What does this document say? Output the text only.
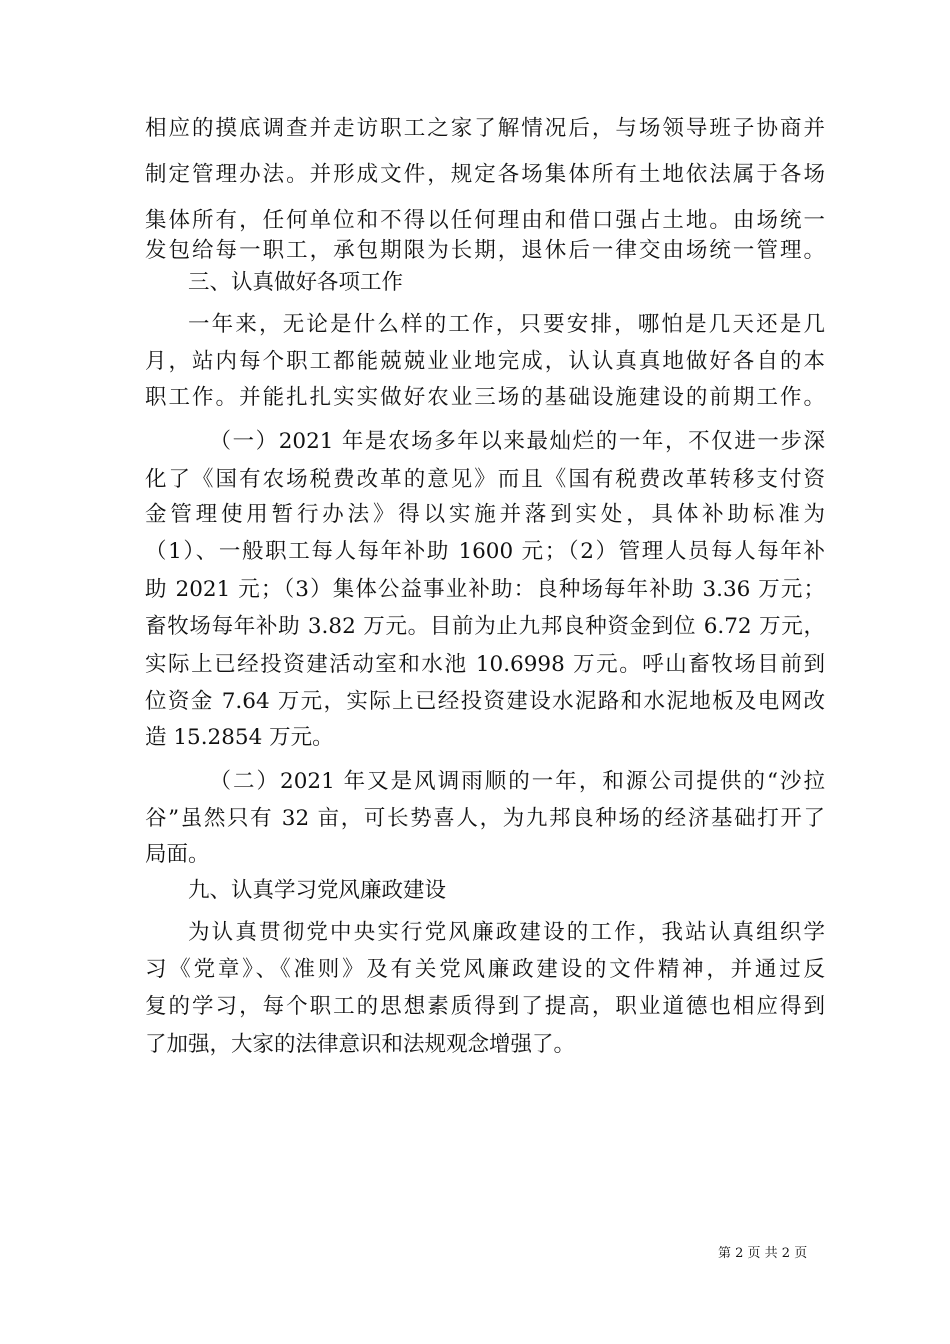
相应的摸底调查并走访职工之家了解情况后，与场领导班子协商并
制定管理办法。并形成文件，规定各场集体所有土地依法属于各场
集体所有，任何单位和不得以任何理由和借口强占土地。由场统一
发包给每一职工，承包期限为长期，退休后一律交由场统一管理。
三、认真做好各项工作
一年来，无论是什么样的工作，只要安排，哪怕是几天还是几
月，站内每个职工都能兢兢业业地完成，认认真真地做好各自的本
职工作。并能扎扎实实做好农业三场的基础设施建设的前期工作。
（一）2021 年是农场多年以来最灿烂的一年，不仅进一步深
化了《国有农场税费改革的意见》而且《国有税费改革转移支付资
金管理使用暂行办法》得以实施并落到实处，具体补助标准为
（1）、一般职工每人每年补助 1600 元；（2）管理人员每人每年补
助 2021 元；（3）集体公益事业补助：良种场每年补助 3.36 万元；
畜牧场每年补助 3.82 万元。目前为止九邦良种资金到位 6.72 万元，
实际上已经投资建活动室和水池 10.6998 万元。呼山畜牧场目前到
位资金 7.64 万元，实际上已经投资建设水泥路和水泥地板及电网改
造 15.2854 万元。
（二）2021 年又是风调雨顺的一年，和源公司提供的“沙拉
谷”虽然只有 32 亩，可长势喜人，为九邦良种场的经济基础打开了
局面。
九、认真学习党风廉政建设
为认真贯彻党中央实行党风廉政建设的工作，我站认真组织学
习《党章》、《准则》及有关党风廉政建设的文件精神，并通过反
复的学习，每个职工的思想素质得到了提高，职业道德也相应得到
了加强，大家的法律意识和法规观念增强了。
第 2 页 共 2 页
